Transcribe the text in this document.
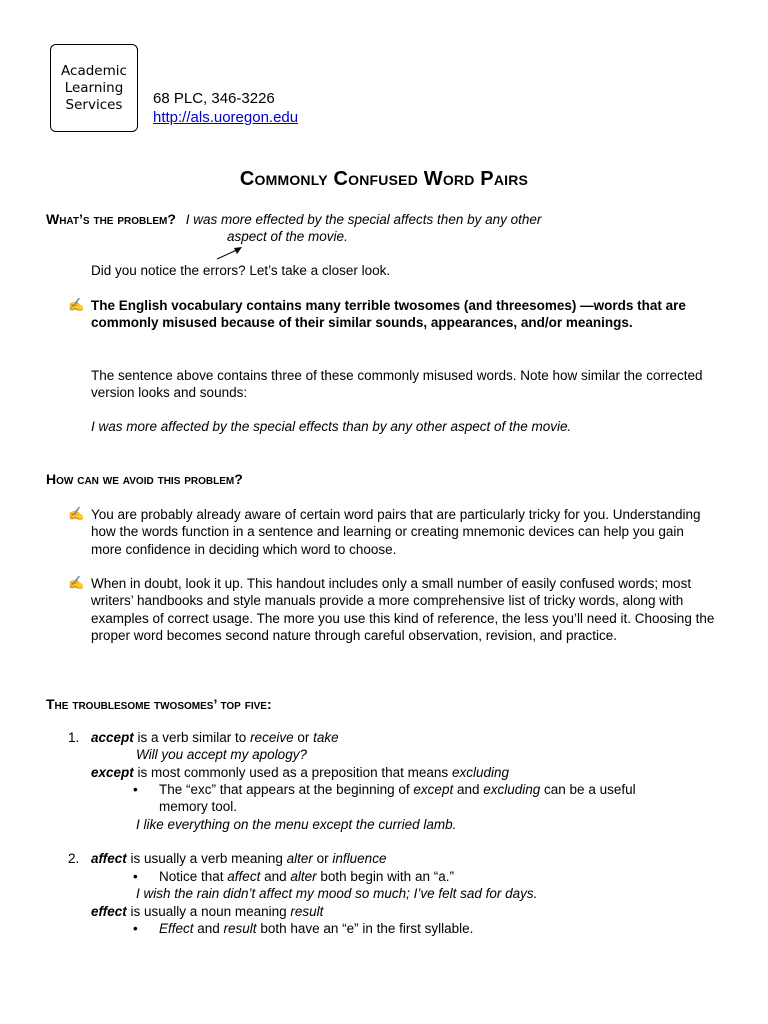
Academic
Learning
Services 68 PLC, 346-3226
http://als.uoregon.edu
Commonly Confused Word Pairs
What’s the problem? I was more effected by the special affects then by any other
aspect of the movie.
Did you notice the errors? Let’s take a closer look.
✍ The English vocabulary contains many terrible twosomes (and threesomes) —words that are commonly misused because of their similar sounds, appearances, and/or meanings.
The sentence above contains three of these commonly misused words. Note how similar the corrected version looks and sounds:
I was more affected by the special effects than by any other aspect of the movie.
How can we avoid this problem?
✍ You are probably already aware of certain word pairs that are particularly tricky for you. Understanding how the words function in a sentence and learning or creating mnemonic devices can help you gain more confidence in deciding which word to choose.
✍ When in doubt, look it up. This handout includes only a small number of easily confused words; most writers’ handbooks and style manuals provide a more comprehensive list of tricky words, along with examples of correct usage. The more you use this kind of reference, the less you’ll need it. Choosing the proper word becomes second nature through careful observation, revision, and practice.
The troublesome twosomes’ top five:
1. accept is a verb similar to receive or take
Will you accept my apology?
except is most commonly used as a preposition that means excluding
• The “exc” that appears at the beginning of except and excluding can be a useful
memory tool.
I like everything on the menu except the curried lamb.
2. affect is usually a verb meaning alter or influence
• Notice that affect and alter both begin with an “a.”
I wish the rain didn’t affect my mood so much; I’ve felt sad for days.
effect is usually a noun meaning result
• Effect and result both have an “e” in the first syllable.
